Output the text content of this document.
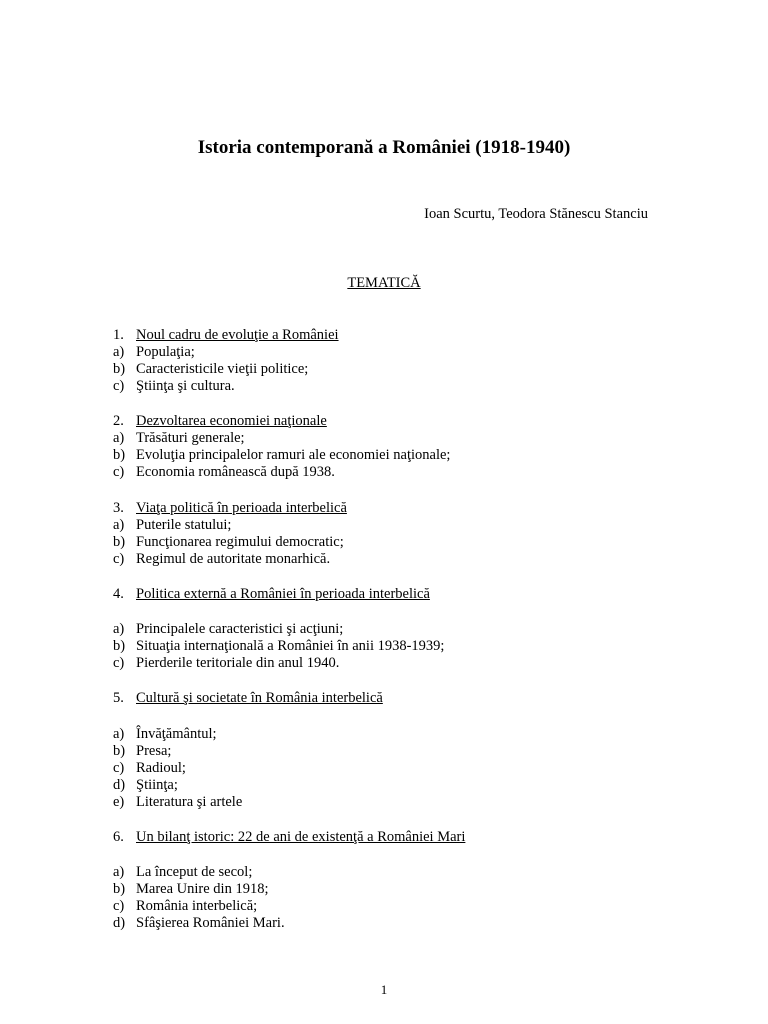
Istoria contemporană a României (1918-1940)
Ioan Scurtu, Teodora Stănescu Stanciu
TEMATICĂ
1. Noul cadru de evoluţie a României
a) Populaţia;
b) Caracteristicile vieţii politice;
c) Ştiinţa şi cultura.
2. Dezvoltarea economiei naţionale
a) Trăsături generale;
b) Evoluţia principalelor ramuri ale economiei naţionale;
c) Economia românească după 1938.
3. Viaţa politică în perioada interbelică
a) Puterile statului;
b) Funcţionarea regimului democratic;
c) Regimul de autoritate monarhică.
4. Politica externă a României în perioada interbelică
a) Principalele caracteristici şi acţiuni;
b) Situaţia internaţională a României în anii 1938-1939;
c) Pierderile teritoriale din anul 1940.
5. Cultură şi societate în România interbelică
a) Învăţământul;
b) Presa;
c) Radioul;
d) Ştiinţa;
e) Literatura şi artele
6. Un bilanţ istoric: 22 de ani de existenţă a României Mari
a) La început de secol;
b) Marea Unire din 1918;
c) România interbelică;
d) Sfâşierea României Mari.
1
